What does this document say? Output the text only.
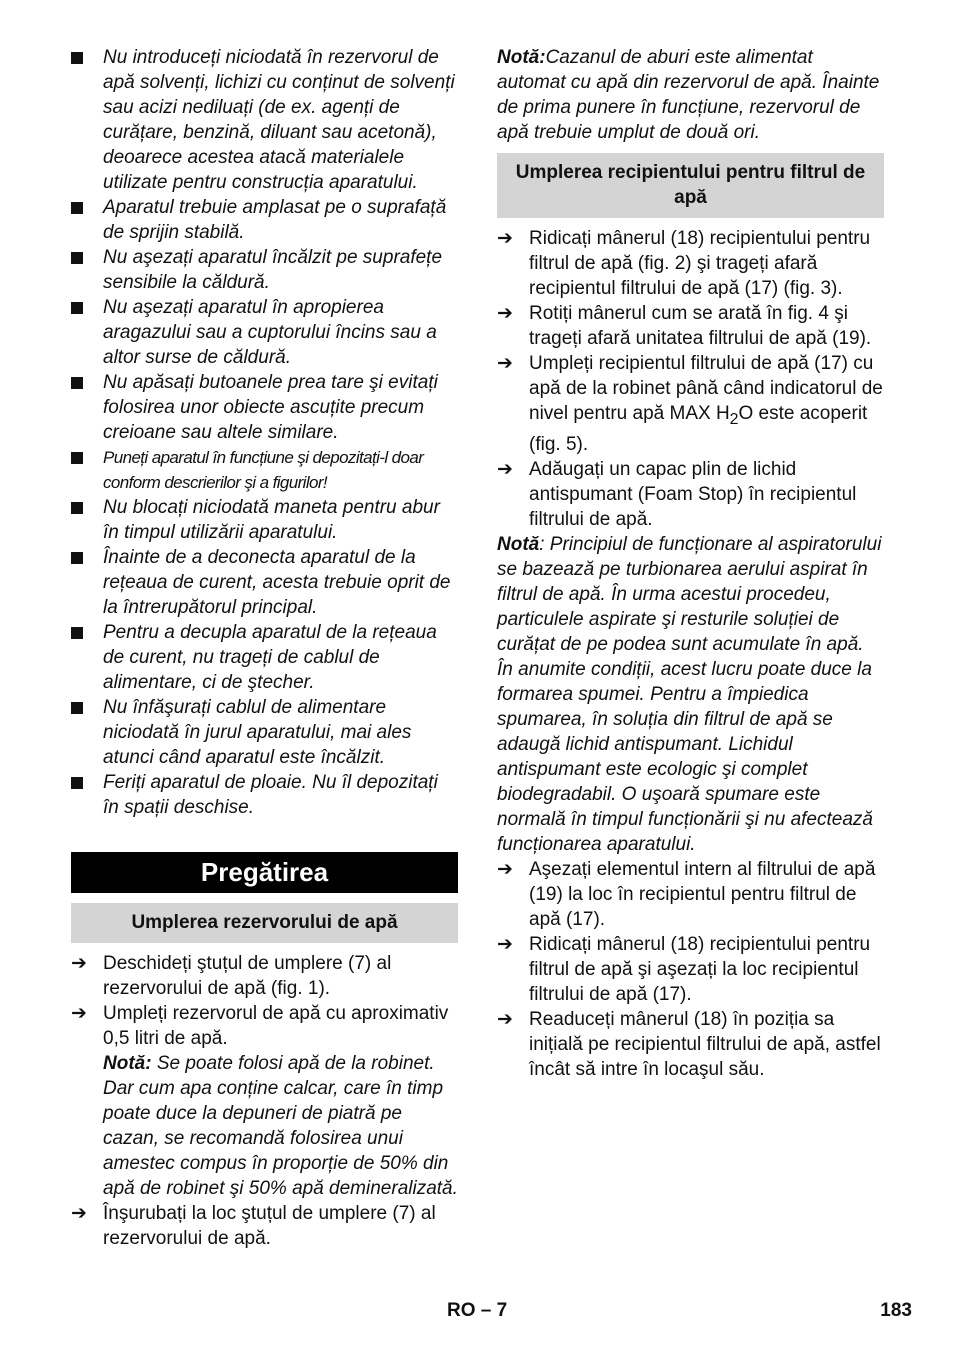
Nu introduceți niciodată în rezervorul de apă solvenți, lichizi cu conținut de solvenți sau acizi nediluați (de ex. agenți de curățare, benzină, diluant sau acetonă), deoarece acestea atacă materialele utilizate pentru construcția aparatului.
Aparatul trebuie amplasat pe o suprafață de sprijin stabilă.
Nu aşezați aparatul încălzit pe suprafețe sensibile la căldură.
Nu aşezați aparatul în apropierea aragazului sau a cuptorului încins sau a altor surse de căldură.
Nu apăsați butoanele prea tare şi evitați folosirea unor obiecte ascuțite precum creioane sau altele similare.
Puneți aparatul în funcțiune şi depozitați-l doar conform descrierilor şi a figurilor!
Nu blocați niciodată maneta pentru abur în timpul utilizării aparatului.
Înainte de a deconecta aparatul de la rețeaua de curent, acesta trebuie oprit de la întrerupătorul principal.
Pentru a decupla aparatul de la rețeaua de curent, nu trageți de cablul de alimentare, ci de ştecher.
Nu înfăşurați cablul de alimentare niciodată în jurul aparatului, mai ales atunci când aparatul este încălzit.
Feriți aparatul de ploaie. Nu îl depozitați în spații deschise.
Pregătirea
Umplerea rezervorului de apă
➔ Deschideți ştuțul de umplere (7) al rezervorului de apă (fig. 1).
➔ Umpleți rezervorul de apă cu aproximativ 0,5 litri de apă.
Notă: Se poate folosi apă de la robinet. Dar cum apa conține calcar, care în timp poate duce la depuneri de piatră pe cazan, se recomandă folosirea unui amestec compus în proporție de 50% din apă de robinet şi 50% apă demineralizată.
➔ Înşurubați la loc ştuțul de umplere (7) al rezervorului de apă.
Notă:Cazanul de aburi este alimentat automat cu apă din rezervorul de apă. Înainte de prima punere în funcțiune, rezervorul de apă trebuie umplut de două ori.
Umplerea recipientului pentru filtrul de apă
➔ Ridicați mânerul (18) recipientului pentru filtrul de apă (fig. 2) şi trageți afară recipientul filtrului de apă (17) (fig. 3).
➔ Rotiți mânerul cum se arată în fig. 4 şi trageți afară unitatea filtrului de apă (19).
➔ Umpleți recipientul filtrului de apă (17) cu apă de la robinet până când indicatorul de nivel pentru apă MAX $H_2O$ este acoperit (fig. 5).
➔ Adăugați un capac plin de lichid antispumant (Foam Stop) în recipientul filtrului de apă.
Notă: Principiul de funcționare al aspiratorului se bazează pe turbionarea aerului aspirat în filtrul de apă. În urma acestui procedeu, particulele aspirate şi resturile soluției de curățat de pe podea sunt acumulate în apă. În anumite condiții, acest lucru poate duce la formarea spumei. Pentru a împiedica spumarea, în soluția din filtrul de apă se adaugă lichid antispumant. Lichidul antispumant este ecologic şi complet biodegradabil. O uşoară spumare este normală în timpul funcționării şi nu afectează funcționarea aparatului.
➔ Aşezați elementul intern al filtrului de apă (19) la loc în recipientul pentru filtrul de apă (17).
➔ Ridicați mânerul (18) recipientului pentru filtrul de apă şi aşezați la loc recipientul filtrului de apă (17).
➔ Readuceți mânerul (18) în poziția sa inițială pe recipientul filtrului de apă, astfel încât să intre în locaşul său.
RO – 7	183
